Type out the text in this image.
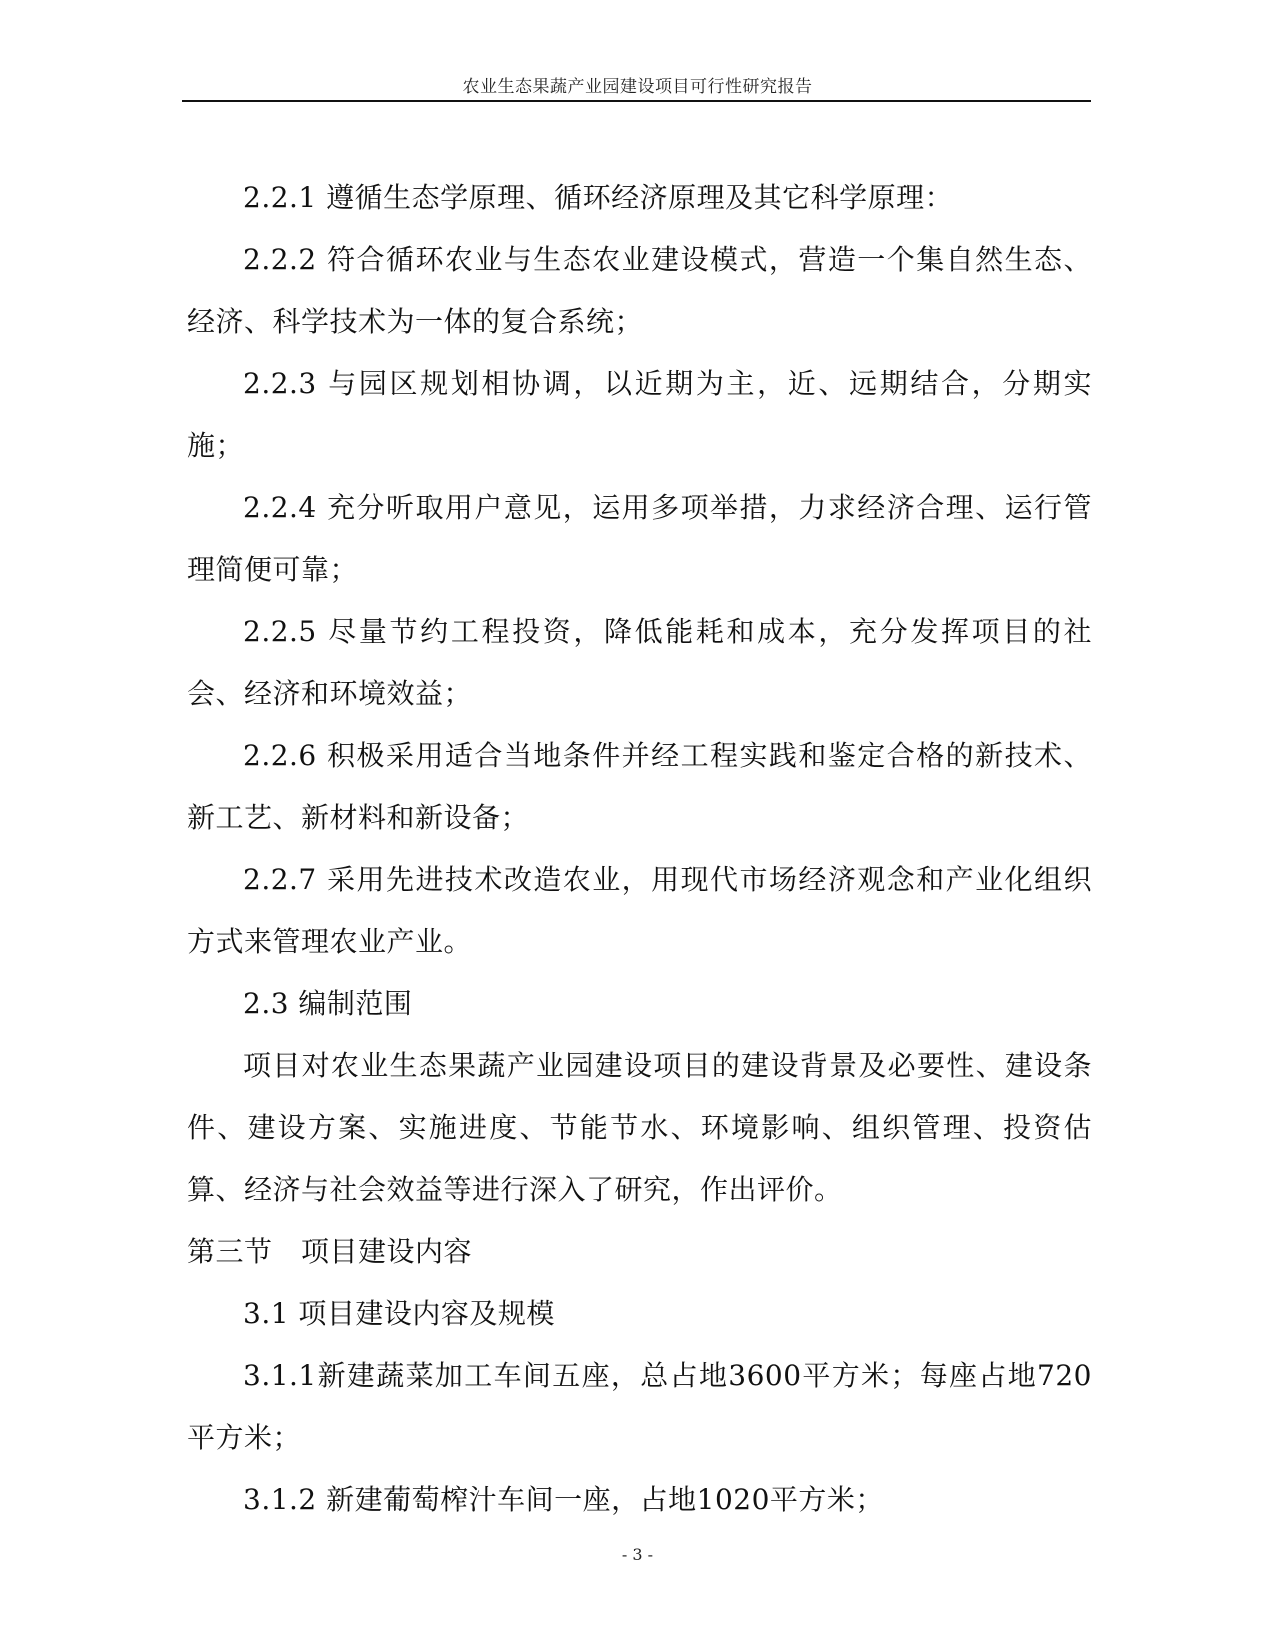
农业生态果蔬产业园建设项目可行性研究报告

2.2.1 遵循生态学原理、循环经济原理及其它科学原理：

2.2.2 符合循环农业与生态农业建设模式，营造一个集自然生态、经济、科学技术为一体的复合系统；

2.2.3 与园区规划相协调，以近期为主，近、远期结合，分期实施；

2.2.4 充分听取用户意见，运用多项举措，力求经济合理、运行管理简便可靠；

2.2.5 尽量节约工程投资，降低能耗和成本，充分发挥项目的社会、经济和环境效益；

2.2.6 积极采用适合当地条件并经工程实践和鉴定合格的新技术、新工艺、新材料和新设备；

2.2.7 采用先进技术改造农业，用现代市场经济观念和产业化组织方式来管理农业产业。

2.3 编制范围

项目对农业生态果蔬产业园建设项目的建设背景及必要性、建设条件、建设方案、实施进度、节能节水、环境影响、组织管理、投资估算、经济与社会效益等进行深入了研究，作出评价。

第三节　项目建设内容

3.1 项目建设内容及规模

3.1.1新建蔬菜加工车间五座，总占地3600平方米；每座占地720平方米；

3.1.2 新建葡萄榨汁车间一座，占地1020平方米；

- 3 -
